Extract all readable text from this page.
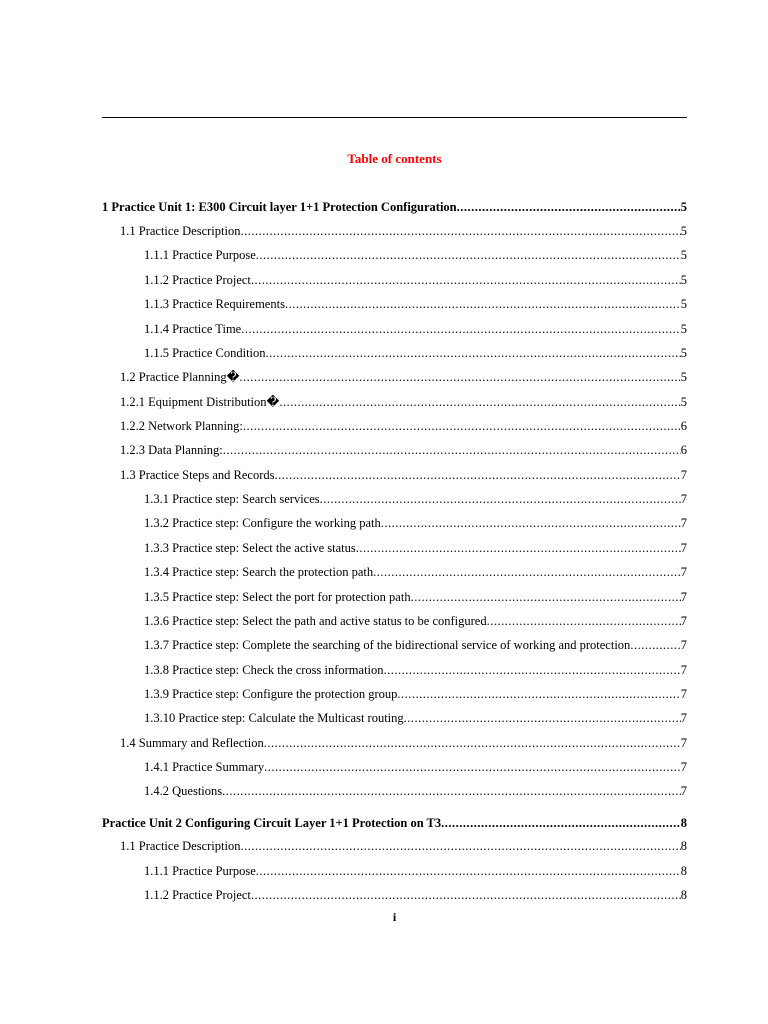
Table of contents
1 Practice Unit 1: E300 Circuit layer 1+1 Protection Configuration .....	5
1.1 Practice Description .....	5
1.1.1 Practice Purpose .....	5
1.1.2 Practice Project .....	5
1.1.3 Practice Requirements .....	5
1.1.4 Practice Time .....	5
1.1.5 Practice Condition .....	5
1.2 Practice Planning� .....	5
1.2.1 Equipment Distribution� .....	5
1.2.2 Network Planning: .....	6
1.2.3 Data Planning: .....	6
1.3 Practice Steps and Records .....	7
1.3.1 Practice step: Search services .....	7
1.3.2 Practice step: Configure the working path .....	7
1.3.3 Practice step: Select the active status .....	7
1.3.4 Practice step: Search the protection path .....	7
1.3.5 Practice step: Select the port for protection path .....	7
1.3.6 Practice step: Select the path and active status to be configured .....	7
1.3.7 Practice step: Complete the searching of the bidirectional service of working and protection .....	7
1.3.8 Practice step: Check the cross information .....	7
1.3.9 Practice step: Configure the protection group .....	7
1.3.10 Practice step: Calculate the Multicast routing .....	7
1.4 Summary and Reflection .....	7
1.4.1 Practice Summary .....	7
1.4.2 Questions .....	7
Practice Unit 2 Configuring Circuit Layer 1+1 Protection on T3 .....	8
1.1 Practice Description .....	8
1.1.1 Practice Purpose .....	8
1.1.2 Practice Project .....	8
i
